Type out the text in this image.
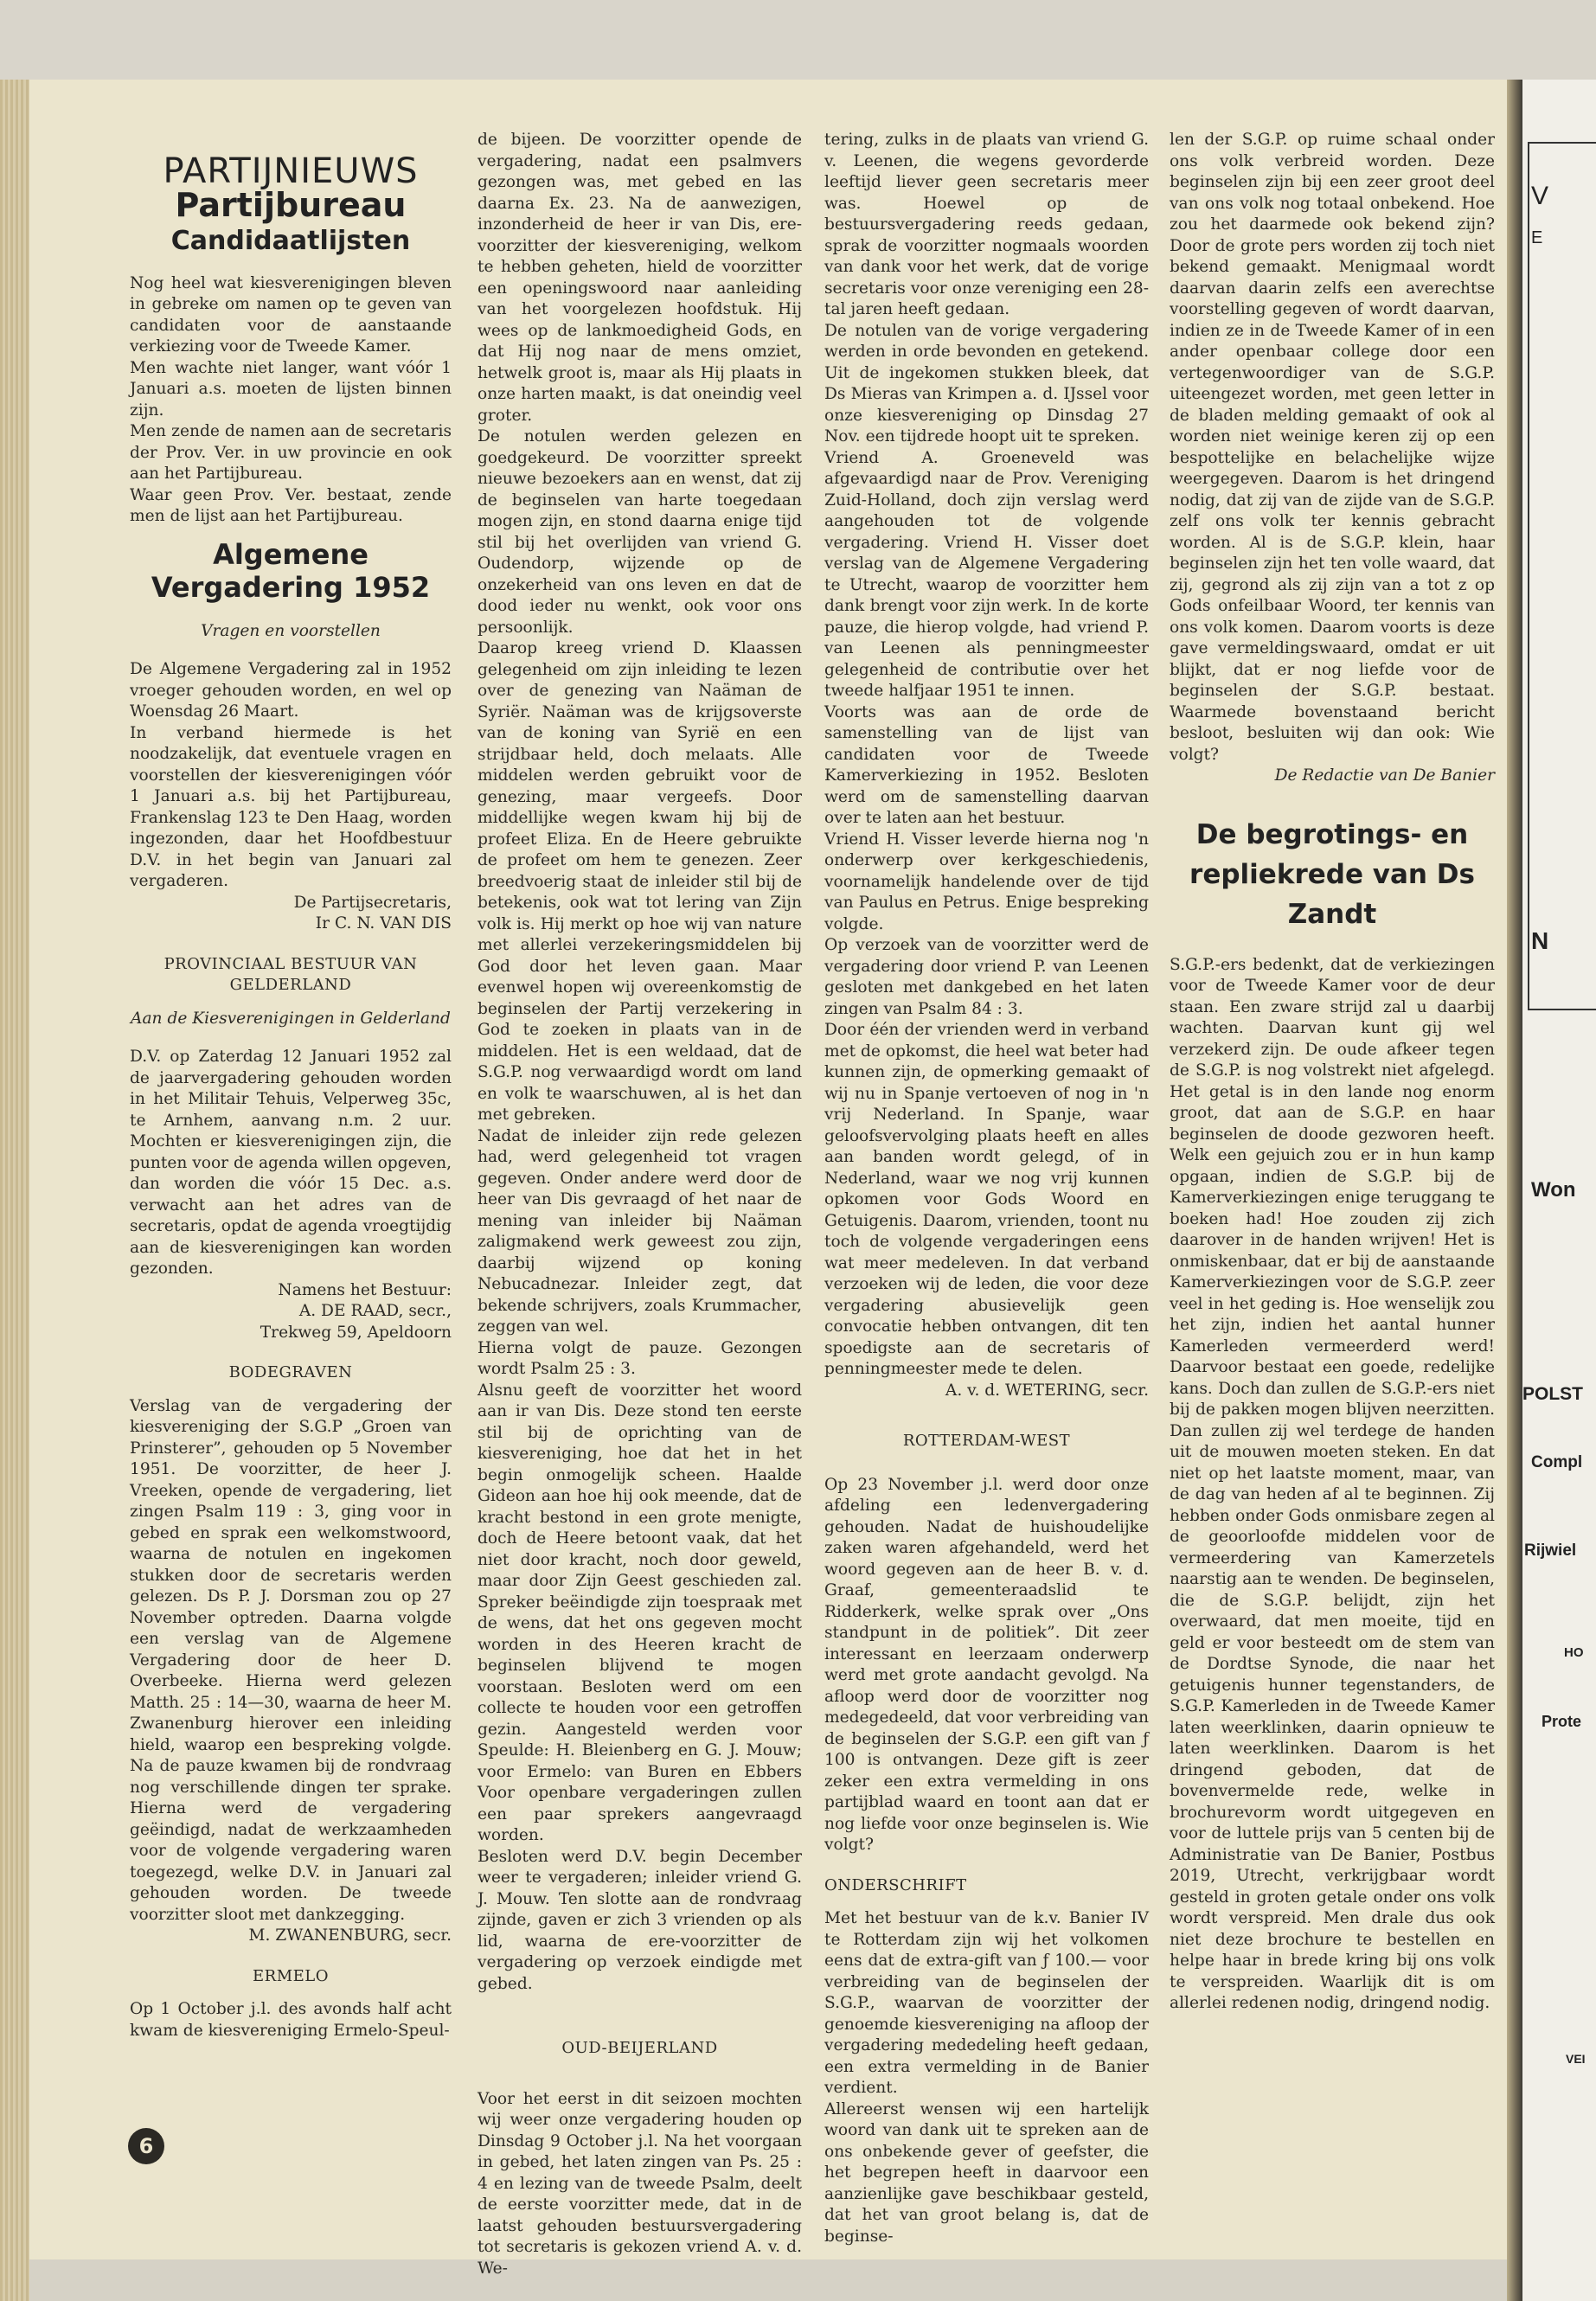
V
E
N
Won
POLST
Compl
Rijwiel
HO
Prote
VEI
PARTIJNIEUWS
Partijbureau
Candidaatlijsten

Nog heel wat kiesverenigingen bleven in gebreke om namen op te geven van candidaten voor de aanstaande verkiezing voor de Tweede Kamer.

Men wachte niet langer, want vóór 1 Januari a.s. moeten de lijsten binnen zijn.

Men zende de namen aan de secretaris der Prov. Ver. in uw provincie en ook aan het Partijbureau.

Waar geen Prov. Ver. bestaat, zende men de lijst aan het Partijbureau.

Algemene Vergadering 1952
Vragen en voorstellen

De Algemene Vergadering zal in 1952 vroeger gehouden worden, en wel op Woensdag 26 Maart.

In verband hiermede is het noodzakelijk, dat eventuele vragen en voorstellen der kiesverenigingen vóór 1 Januari a.s. bij het Partijbureau, Frankenslag 123 te Den Haag, worden ingezonden, daar het Hoofdbestuur D.V. in het begin van Januari zal vergaderen.

De Partijsecretaris,

Ir C. N. VAN DIS

PROVINCIAAL BESTUUR VAN GELDERLAND
Aan de Kiesverenigingen in Gelderland

D.V. op Zaterdag 12 Januari 1952 zal de jaarvergadering gehouden worden in het Militair Tehuis, Velperweg 35c, te Arnhem, aanvang n.m. 2 uur. Mochten er kiesverenigingen zijn, die punten voor de agenda willen opgeven, dan worden die vóór 15 Dec. a.s. verwacht aan het adres van de secretaris, opdat de agenda vroegtijdig aan de kiesverenigingen kan worden gezonden.

Namens het Bestuur:

A. DE RAAD, secr.,

Trekweg 59, Apeldoorn

BODEGRAVEN

Verslag van de vergadering der kiesvereniging der S.G.P „Groen van Prinsterer”, gehouden op 5 November 1951. De voorzitter, de heer J. Vreeken, opende de vergadering, liet zingen Psalm 119 : 3, ging voor in gebed en sprak een welkomstwoord, waarna de notulen en ingekomen stukken door de secretaris werden gelezen. Ds P. J. Dorsman zou op 27 November optreden. Daarna volgde een verslag van de Algemene Vergadering door de heer D. Overbeeke. Hierna werd gelezen Matth. 25 : 14—30, waarna de heer M. Zwanenburg hierover een inleiding hield, waarop een bespreking volgde. Na de pauze kwamen bij de rondvraag nog verschillende dingen ter sprake. Hierna werd de vergadering geëindigd, nadat de werkzaamheden voor de volgende vergadering waren toegezegd, welke D.V. in Januari zal gehouden worden. De tweede voorzitter sloot met dankzegging.

M. ZWANENBURG, secr.

ERMELO

Op 1 October j.l. des avonds half acht kwam de kiesvereniging Ermelo-Speul-

de bijeen. De voorzitter opende de vergadering, nadat een psalmvers gezongen was, met gebed en las daarna Ex. 23. Na de aanwezigen, inzonderheid de heer ir van Dis, ere-voorzitter der kiesvereniging, welkom te hebben geheten, hield de voorzitter een openingswoord naar aanleiding van het voorgelezen hoofdstuk. Hij wees op de lankmoedigheid Gods, en dat Hij nog naar de mens omziet, hetwelk groot is, maar als Hij plaats in onze harten maakt, is dat oneindig veel groter.

De notulen werden gelezen en goedgekeurd. De voorzitter spreekt nieuwe bezoekers aan en wenst, dat zij de beginselen van harte toegedaan mogen zijn, en stond daarna enige tijd stil bij het overlijden van vriend G. Oudendorp, wijzende op de onzekerheid van ons leven en dat de dood ieder nu wenkt, ook voor ons persoonlijk.

Daarop kreeg vriend D. Klaassen gelegenheid om zijn inleiding te lezen over de genezing van Naäman de Syriër. Naäman was de krijgsoverste van de koning van Syrië en een strijdbaar held, doch melaats. Alle middelen werden gebruikt voor de genezing, maar vergeefs. Door middellijke wegen kwam hij bij de profeet Eliza. En de Heere gebruikte de profeet om hem te genezen. Zeer breedvoerig staat de inleider stil bij de betekenis, ook wat tot lering van Zijn volk is. Hij merkt op hoe wij van nature met allerlei verzekeringsmiddelen bij God door het leven gaan. Maar evenwel hopen wij overeenkomstig de beginselen der Partij verzekering in God te zoeken in plaats van in de middelen. Het is een weldaad, dat de S.G.P. nog verwaardigd wordt om land en volk te waarschuwen, al is het dan met gebreken.

Nadat de inleider zijn rede gelezen had, werd gelegenheid tot vragen gegeven. Onder andere werd door de heer van Dis gevraagd of het naar de mening van inleider bij Naäman zaligmakend werk geweest zou zijn, daarbij wijzend op koning Nebucadnezar. Inleider zegt, dat bekende schrijvers, zoals Krummacher, zeggen van wel.

Hierna volgt de pauze. Gezongen wordt Psalm 25 : 3.

Alsnu geeft de voorzitter het woord aan ir van Dis. Deze stond ten eerste stil bij de oprichting van de kiesvereniging, hoe dat het in het begin onmogelijk scheen. Haalde Gideon aan hoe hij ook meende, dat de kracht bestond in een grote menigte, doch de Heere betoont vaak, dat het niet door kracht, noch door geweld, maar door Zijn Geest geschieden zal. Spreker beëindigde zijn toespraak met de wens, dat het ons gegeven mocht worden in des Heeren kracht de beginselen blijvend te mogen voorstaan. Besloten werd om een collecte te houden voor een getroffen gezin. Aangesteld werden voor Speulde: H. Bleienberg en G. J. Mouw; voor Ermelo: van Buren en Ebbers Voor openbare vergaderingen zullen een paar sprekers aangevraagd worden.

Besloten werd D.V. begin December weer te vergaderen; inleider vriend G. J. Mouw. Ten slotte aan de rondvraag zijnde, gaven er zich 3 vrienden op als lid, waarna de ere-voorzitter de vergadering op verzoek eindigde met gebed.

OUD-BEIJERLAND

Voor het eerst in dit seizoen mochten wij weer onze vergadering houden op Dinsdag 9 October j.l. Na het voorgaan in gebed, het laten zingen van Ps. 25 : 4 en lezing van de tweede Psalm, deelt de eerste voorzitter mede, dat in de laatst gehouden bestuursvergadering tot secretaris is gekozen vriend A. v. d. We-

tering, zulks in de plaats van vriend G. v. Leenen, die wegens gevorderde leeftijd liever geen secretaris meer was. Hoewel op de bestuursvergadering reeds gedaan, sprak de voorzitter nogmaals woorden van dank voor het werk, dat de vorige secretaris voor onze vereniging een 28-tal jaren heeft gedaan.

De notulen van de vorige vergadering werden in orde bevonden en getekend. Uit de ingekomen stukken bleek, dat Ds Mieras van Krimpen a. d. IJssel voor onze kiesvereniging op Dinsdag 27 Nov. een tijdrede hoopt uit te spreken.

Vriend A. Groeneveld was afgevaardigd naar de Prov. Vereniging Zuid-Holland, doch zijn verslag werd aangehouden tot de volgende vergadering. Vriend H. Visser doet verslag van de Algemene Vergadering te Utrecht, waarop de voorzitter hem dank brengt voor zijn werk. In de korte pauze, die hierop volgde, had vriend P. van Leenen als penningmeester gelegenheid de contributie over het tweede halfjaar 1951 te innen.

Voorts was aan de orde de samenstelling van de lijst van candidaten voor de Tweede Kamerverkiezing in 1952. Besloten werd om de samenstelling daarvan over te laten aan het bestuur.

Vriend H. Visser leverde hierna nog 'n onderwerp over kerkgeschiedenis, voornamelijk handelende over de tijd van Paulus en Petrus. Enige bespreking volgde.

Op verzoek van de voorzitter werd de vergadering door vriend P. van Leenen gesloten met dankgebed en het laten zingen van Psalm 84 : 3.

Door één der vrienden werd in verband met de opkomst, die heel wat beter had kunnen zijn, de opmerking gemaakt of wij nu in Spanje vertoeven of nog in 'n vrij Nederland. In Spanje, waar geloofsvervolging plaats heeft en alles aan banden wordt gelegd, of in Nederland, waar we nog vrij kunnen opkomen voor Gods Woord en Getuigenis. Daarom, vrienden, toont nu toch de volgende vergaderingen eens wat meer medeleven. In dat verband verzoeken wij de leden, die voor deze vergadering abusievelijk geen convocatie hebben ontvangen, dit ten spoedigste aan de secretaris of penningmeester mede te delen.

A. v. d. WETERING, secr.

ROTTERDAM-WEST

Op 23 November j.l. werd door onze afdeling een ledenvergadering gehouden. Nadat de huishoudelijke zaken waren afgehandeld, werd het woord gegeven aan de heer B. v. d. Graaf, gemeenteraadslid te Ridderkerk, welke sprak over „Ons standpunt in de politiek”. Dit zeer interessant en leerzaam onderwerp werd met grote aandacht gevolgd. Na afloop werd door de voorzitter nog medegedeeld, dat voor verbreiding van de beginselen der S.G.P. een gift van ƒ 100 is ontvangen. Deze gift is zeer zeker een extra vermelding in ons partijblad waard en toont aan dat er nog liefde voor onze beginselen is. Wie volgt?

ONDERSCHRIFT

Met het bestuur van de k.v. Banier IV te Rotterdam zijn wij het volkomen eens dat de extra-gift van ƒ 100.— voor verbreiding van de beginselen der S.G.P., waarvan de voorzitter der genoemde kiesvereniging na afloop der vergadering mededeling heeft gedaan, een extra vermelding in de Banier verdient.

Allereerst wensen wij een hartelijk woord van dank uit te spreken aan de ons onbekende gever of geefster, die het begrepen heeft in daarvoor een aanzienlijke gave beschikbaar gesteld, dat het van groot belang is, dat de beginse-

len der S.G.P. op ruime schaal onder ons volk verbreid worden. Deze beginselen zijn bij een zeer groot deel van ons volk nog totaal onbekend. Hoe zou het daarmede ook bekend zijn? Door de grote pers worden zij toch niet bekend gemaakt. Menigmaal wordt daarvan daarin zelfs een averechtse voorstelling gegeven of wordt daarvan, indien ze in de Tweede Kamer of in een ander openbaar college door een vertegenwoordiger van de S.G.P. uiteengezet worden, met geen letter in de bladen melding gemaakt of ook al worden niet weinige keren zij op een bespottelijke en belachelijke wijze weergegeven. Daarom is het dringend nodig, dat zij van de zijde van de S.G.P. zelf ons volk ter kennis gebracht worden. Al is de S.G.P. klein, haar beginselen zijn het ten volle waard, dat zij, gegrond als zij zijn van a tot z op Gods onfeilbaar Woord, ter kennis van ons volk komen. Daarom voorts is deze gave vermeldingswaard, omdat er uit blijkt, dat er nog liefde voor de beginselen der S.G.P. bestaat. Waarmede bovenstaand bericht besloot, besluiten wij dan ook: Wie volgt?

De Redactie van De Banier

De begrotings- en repliekrede van Ds Zandt

S.G.P.-ers bedenkt, dat de verkiezingen voor de Tweede Kamer voor de deur staan. Een zware strijd zal u daarbij wachten. Daarvan kunt gij wel verzekerd zijn. De oude afkeer tegen de S.G.P. is nog volstrekt niet afgelegd. Het getal is in den lande nog enorm groot, dat aan de S.G.P. en haar beginselen de doode gezworen heeft. Welk een gejuich zou er in hun kamp opgaan, indien de S.G.P. bij de Kamerverkiezingen enige teruggang te boeken had! Hoe zouden zij zich daarover in de handen wrijven! Het is onmiskenbaar, dat er bij de aanstaande Kamerverkiezingen voor de S.G.P. zeer veel in het geding is. Hoe wenselijk zou het zijn, indien het aantal hunner Kamerleden vermeerderd werd! Daarvoor bestaat een goede, redelijke kans. Doch dan zullen de S.G.P.-ers niet bij de pakken mogen blijven neerzitten. Dan zullen zij wel terdege de handen uit de mouwen moeten steken. En dat niet op het laatste moment, maar, van de dag van heden af al te beginnen. Zij hebben onder Gods onmisbare zegen al de geoorloofde middelen voor de vermeerdering van Kamerzetels naarstig aan te wenden. De beginselen, die de S.G.P. belijdt, zijn het overwaard, dat men moeite, tijd en geld er voor besteedt om de stem van de Dordtse Synode, die naar het getuigenis hunner tegenstanders, de S.G.P. Kamerleden in de Tweede Kamer laten weerklinken, daarin opnieuw te laten weerklinken. Daarom is het dringend geboden, dat de bovenvermelde rede, welke in brochurevorm wordt uitgegeven en voor de luttele prijs van 5 centen bij de Administratie van De Banier, Postbus 2019, Utrecht, verkrijgbaar wordt gesteld in groten getale onder ons volk wordt verspreid. Men drale dus ook niet deze brochure te bestellen en helpe haar in brede kring bij ons volk te verspreiden. Waarlijk dit is om allerlei redenen nodig, dringend nodig.

6
